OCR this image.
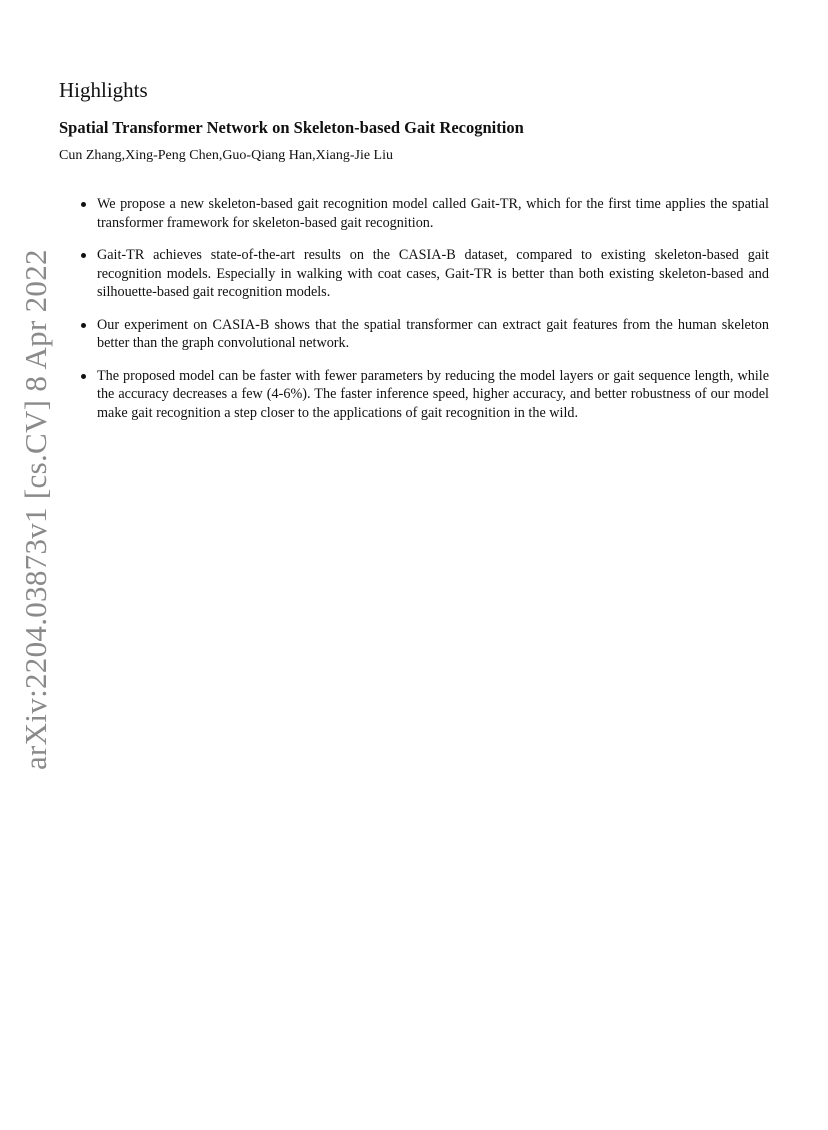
arXiv:2204.03873v1 [cs.CV] 8 Apr 2022
Highlights
Spatial Transformer Network on Skeleton-based Gait Recognition

Cun Zhang,Xing-Peng Chen,Guo-Qiang Han,Xiang-Jie Liu

We propose a new skeleton-based gait recognition model called Gait-TR, which for the first time applies the spatial transformer framework for skeleton-based gait recognition.
Gait-TR achieves state-of-the-art results on the CASIA-B dataset, compared to existing skeleton-based gait recognition models. Especially in walking with coat cases, Gait-TR is better than both existing skeleton-based and silhouette-based gait recognition models.
Our experiment on CASIA-B shows that the spatial transformer can extract gait features from the human skeleton better than the graph convolutional network.
The proposed model can be faster with fewer parameters by reducing the model layers or gait sequence length, while the accuracy decreases a few (4-6%). The faster inference speed, higher accuracy, and better robustness of our model make gait recognition a step closer to the applications of gait recognition in the wild.
